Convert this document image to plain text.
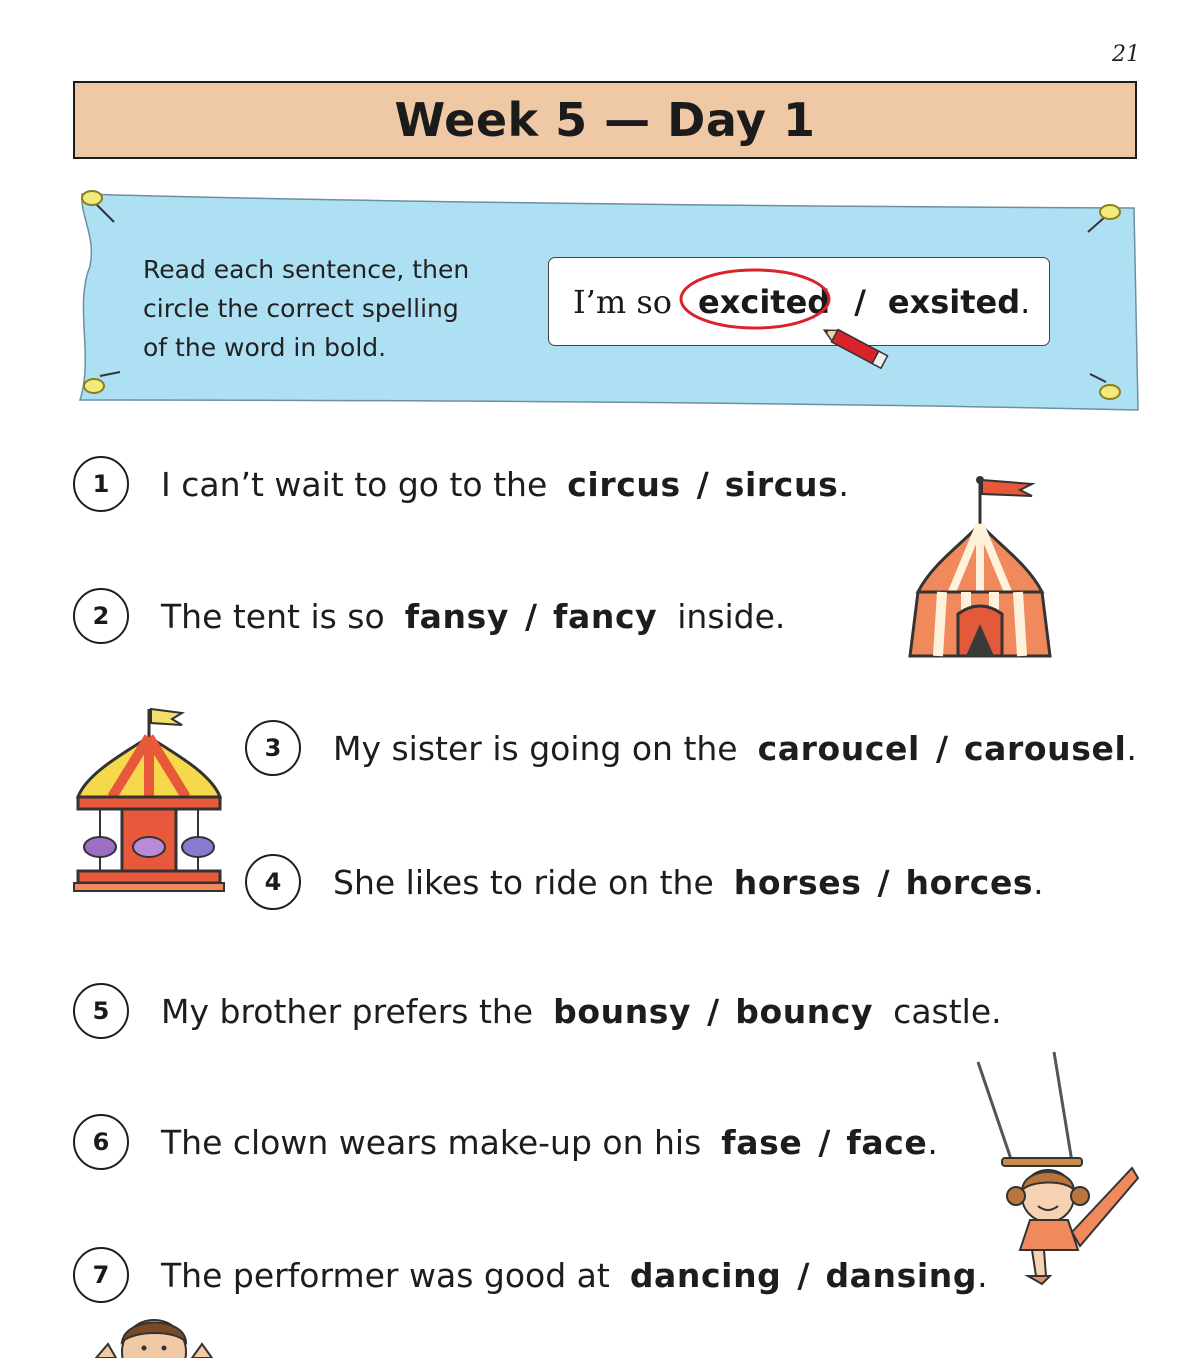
21
Week 5 — Day 1
Read each sentence, then
circle the correct spelling
of the word in bold.
I’m so excited / exsited .
1	I can’t wait to go to the circus / sircus.
2	The tent is so fansy / fancy inside.
3	My sister is going on the caroucel / carousel.
4	She likes to ride on the horses / horces.
5	My brother prefers the bounsy / bouncy castle.
6	The clown wears make-up on his fase / face.
7	The performer was good at dancing / dansing.
